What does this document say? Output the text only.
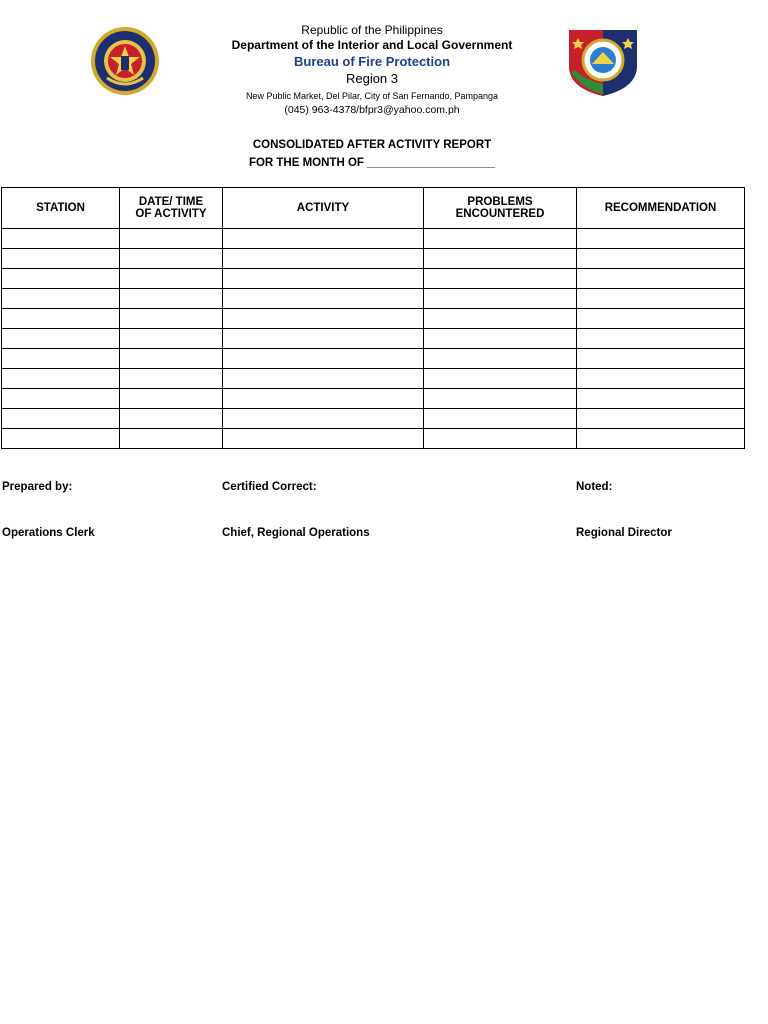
Republic of the Philippines
Department of the Interior and Local Government
Bureau of Fire Protection
Region 3
New Public Market, Del Pilar, City of San Fernando, Pampanga
(045) 963-4378/bfpr3@yahoo.com.ph
CONSOLIDATED AFTER ACTIVITY REPORT
FOR THE MONTH OF ____________________
STATION	DATE/ TIME OF ACTIVITY	ACTIVITY	PROBLEMS ENCOUNTERED	RECOMMENDATION

Prepared by:	Certified Correct:	Noted:
Operations Clerk	Chief, Regional Operations	Regional Director
